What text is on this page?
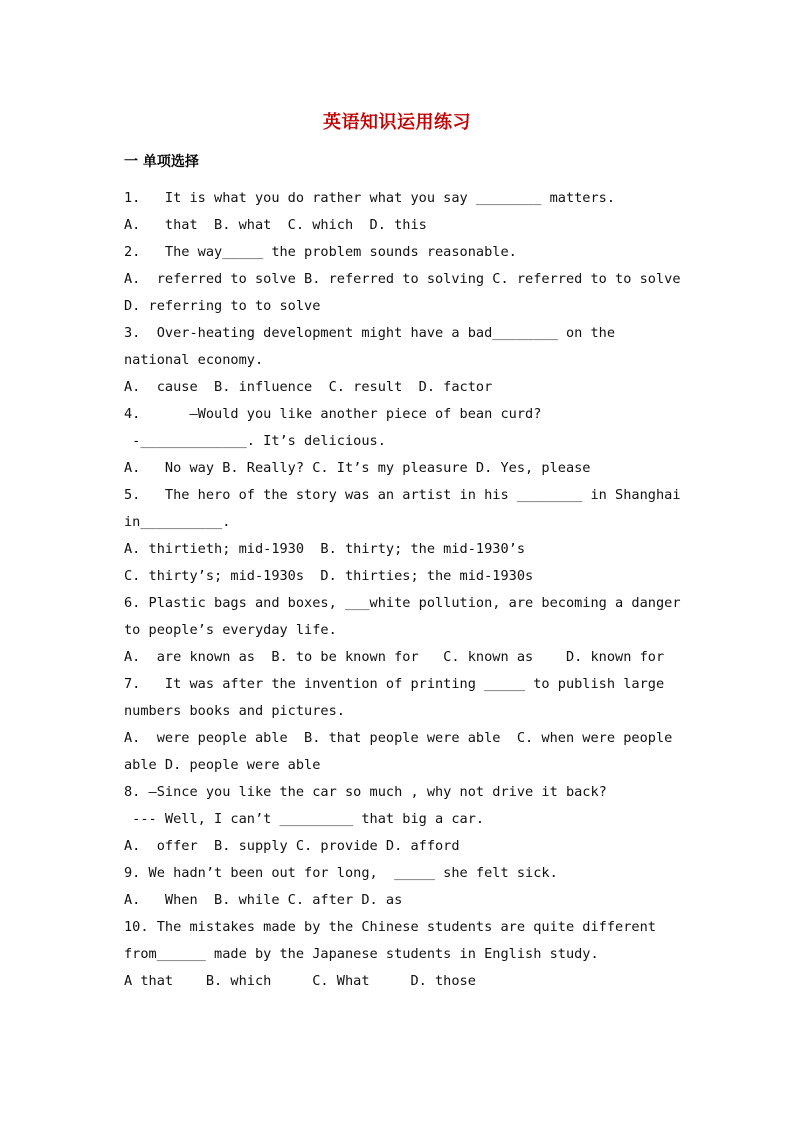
英语知识运用练习
一 单项选择
1.   It is what you do rather what you say ________ matters.
A.   that  B. what  C. which  D. this
2.   The way_____ the problem sounds reasonable.
A.  referred to solve B. referred to solving C. referred to to solve
D. referring to to solve
3.  Over-heating development might have a bad________ on the
national economy.
A.  cause  B. influence  C. result  D. factor
4.      –Would you like another piece of bean curd?
-_____________. It’s delicious.
A.   No way B. Really? C. It’s my pleasure D. Yes, please
5.   The hero of the story was an artist in his ________ in Shanghai
in__________.
A. thirtieth; mid-1930  B. thirty; the mid-1930’s
C. thirty’s; mid-1930s  D. thirties; the mid-1930s
6. Plastic bags and boxes, ___white pollution, are becoming a danger
to people’s everyday life.
A.  are known as  B. to be known for   C. known as    D. known for
7.   It was after the invention of printing _____ to publish large
numbers books and pictures.
A.  were people able  B. that people were able  C. when were people
able D. people were able
8. —Since you like the car so much , why not drive it back?
--- Well, I can’t _________ that big a car.
A.  offer  B. supply C. provide D. afford
9. We hadn’t been out for long,  _____ she felt sick.
A.   When  B. while C. after D. as
10. The mistakes made by the Chinese students are quite different
from______ made by the Japanese students in English study.
A that    B. which     C. What     D. those
